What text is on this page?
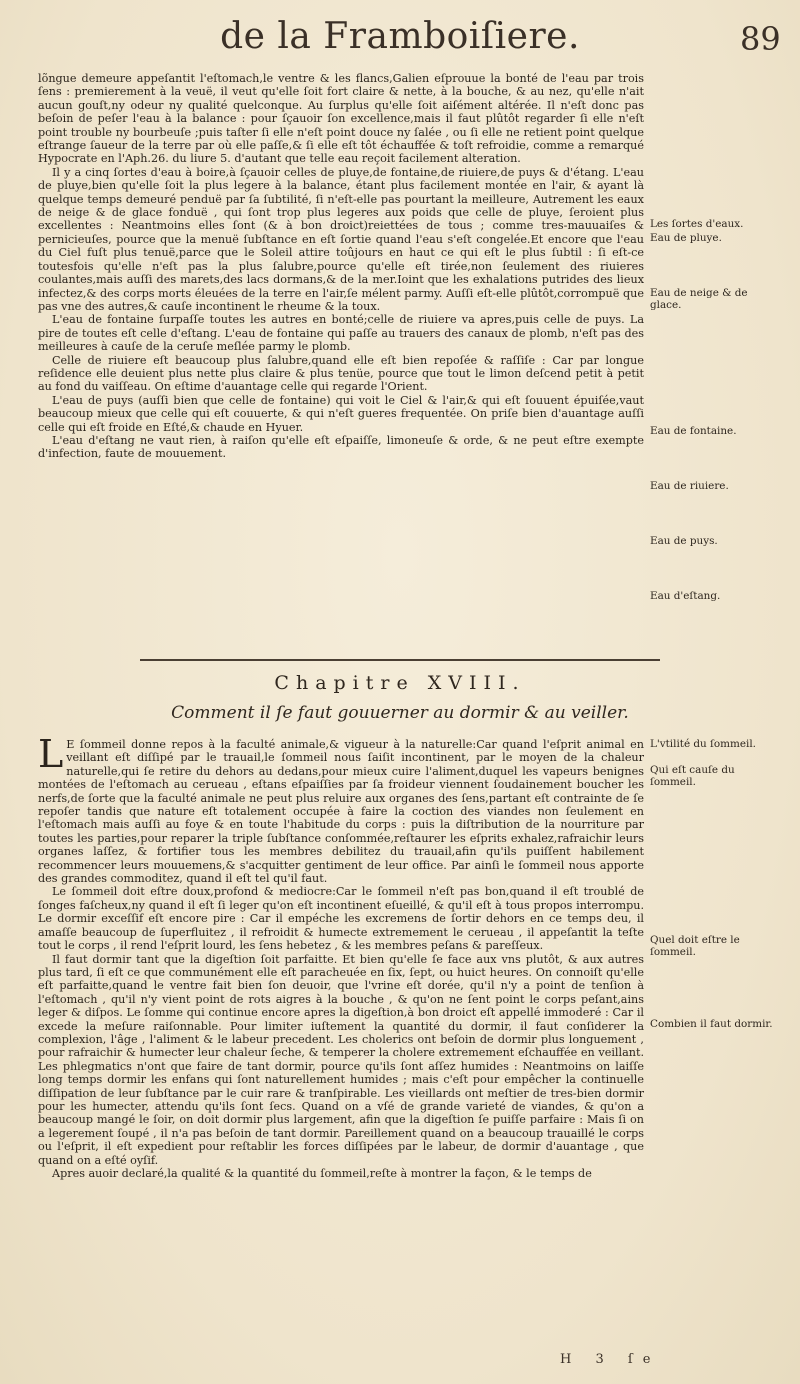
de la Framboiſiere.	89

lõngue demeure appeſantit l'eſtomach,le ventre & les flancs,Galien eſprouue la bonté de l'eau par trois ſens : premierement à la veuë, il veut qu'elle ſoit fort claire & nette, à la bouche, & au nez, qu'elle n'ait aucun gouſt,ny odeur ny qualité quelconque. Au ſurplus qu'elle ſoit aiſément altérée. Il n'eſt donc pas beſoin de peſer l'eau à la balance : pour ſçauoir ſon excellence,mais il faut plûtôt regarder ſi elle n'eſt point trouble ny bourbeuſe ;puis taſter ſi elle n'eſt point douce ny ſalée , ou ſi elle ne retient point quelque eſtrange ſaueur de la terre par où elle paſſe,& ſi elle eſt tôt échauffée & toſt refroidie, comme a remarqué Hypocrate en l'Aph.26. du liure 5. d'autant que telle eau reçoit facilement alteration.

Il y a cinq ſortes d'eau à boire,à ſçauoir celles de pluye,de fontaine,de riuiere,de puys & d'étang. L'eau de pluye,bien qu'elle ſoit la plus legere à la balance, étant plus facilement montée en l'air, & ayant là quelque temps demeuré penduë par ſa ſubtilité, ſi n'eſt-elle pas pourtant la meilleure, Autrement les eaux de neige & de glace fonduë , qui ſont trop plus legeres aux poids que celle de pluye, ſeroient plus excellentes : Neantmoins elles ſont (& à bon droict)reiettées de tous ; comme tres-mauuaiſes & pernicieuſes, pource que la menuë ſubſtance en eſt ſortie quand l'eau s'eſt congelée.Et encore que l'eau du Ciel fuſt plus tenuë,parce que le Soleil attire toûjours en haut ce qui eſt le plus ſubtil : ſi eſt-ce toutesfois qu'elle n'eſt pas la plus ſalubre,pource qu'elle eſt tirée,non ſeulement des riuieres coulantes,mais auſſi des marets,des lacs dormans,& de la mer.Ioint que les exhalations putrides des lieux infectez,& des corps morts éleuées de la terre en l'air,ſe mélent parmy. Auſſi eſt-elle plûtôt,corrompuë que pas vne des autres,& cauſe incontinent le rheume & la toux.

L'eau de fontaine ſurpaſſe toutes les autres en bonté;celle de riuiere va apres,puis celle de puys. La pire de toutes eſt celle d'eſtang. L'eau de fontaine qui paſſe au trauers des canaux de plomb, n'eſt pas des meilleures à cauſe de la ceruſe meſlée parmy le plomb.

Celle de riuiere eſt beaucoup plus ſalubre,quand elle eſt bien repoſée & raſſiſe : Car par longue reſidence elle deuient plus nette plus claire & plus tenüe, pource que tout le limon deſcend petit à petit au fond du vaiſſeau. On eſtime d'auantage celle qui regarde l'Orient.

L'eau de puys (auſſi bien que celle de fontaine) qui voit le Ciel & l'air,& qui eſt ſouuent épuiſée,vaut beaucoup mieux que celle qui eſt couuerte, & qui n'eſt gueres frequentée. On priſe bien d'auantage auſſi celle qui eſt froide en Eſté,& chaude en Hyuer.

L'eau d'eſtang ne vaut rien, à raiſon qu'elle eſt eſpaiſſe, limoneuſe & orde, & ne peut eſtre exempte d'infection, faute de mouuement.

Les ſortes d'eaux.
Eau de pluye.
Eau de neige & de glace.
Eau de fontaine.
Eau de riuiere.
Eau de puys.
Eau d'eſtang.
L'vtilité du ſommeil.
Qui eſt cauſe du ſommeil.
Quel doit eſtre le ſommeil.
Combien il faut dormir.
Chapitre XVIII.
Comment il ſe faut gouuerner au dormir & au veiller.

L E ſommeil donne repos à la faculté animale,& vigueur à la naturelle:Car quand l'eſprit animal en veillant eſt diſſipé par le trauail,le ſommeil nous ſaiſit incontinent, par le moyen de la chaleur naturelle,qui ſe retire du dehors au dedans,pour mieux cuire l'aliment,duquel les vapeurs benignes montées de l'eſtomach au cerueau , eſtans eſpaiſſies par ſa froideur viennent ſoudainement boucher les nerfs,de ſorte que la faculté animale ne peut plus reluire aux organes des ſens,partant eſt contrainte de ſe repoſer tandis que nature eſt totalement occupée à faire la coction des viandes non ſeulement en l'eſtomach mais auſſi au foye & en toute l'habitude du corps : puis la diſtribution de la nourriture par toutes les parties,pour reparer la triple ſubſtance conſommée,reſtaurer les eſprits exhalez,rafraichir leurs organes laſſez, & fortifier tous les membres debilitez du trauail,afin qu'ils puiſſent habilement recommencer leurs mouuemens,& s'acquitter gentiment de leur office. Par ainſi le ſommeil nous apporte des grandes commoditez, quand il eſt tel qu'il faut.

Le ſommeil doit eſtre doux,profond & mediocre:Car le ſommeil n'eſt pas bon,quand il eſt troublé de ſonges faſcheux,ny quand il eſt ſi leger qu'on eſt incontinent eſueillé, & qu'il eſt à tous propos interrompu. Le dormir exceſſif eſt encore pire : Car il empéche les excremens de ſortir dehors en ce temps deu, il amaſſe beaucoup de ſuperfluitez , il refroidit & humecte extremement le cerueau , il appeſantit la teſte tout le corps , il rend l'eſprit lourd, les ſens hebetez , & les membres peſans & pareſſeux.

Il faut dormir tant que la digeſtion ſoit parfaitte. Et bien qu'elle ſe face aux vns plutôt, & aux autres plus tard, ſi eſt ce que communément elle eſt paracheuée en ſix, ſept, ou huict heures. On connoiſt qu'elle eſt parfaitte,quand le ventre fait bien ſon deuoir, que l'vrine eſt dorée, qu'il n'y a point de tenſion à l'eſtomach , qu'il n'y vient point de rots aigres à la bouche , & qu'on ne ſent point le corps peſant,ains leger & diſpos. Le ſomme qui continue encore apres la digeſtion,à bon droict eſt appellé immoderé : Car il excede la meſure raiſonnable. Pour limiter iuſtement la quantité du dormir, il faut conſiderer la complexion, l'âge , l'aliment & le labeur precedent. Les cholerics ont beſoin de dormir plus longuement , pour rafraichir & humecter leur chaleur ſeche, & temperer la cholere extremement eſchauffée en veillant. Les phlegmatics n'ont que faire de tant dormir, pource qu'ils ſont aſſez humides : Neantmoins on laiſſe long temps dormir les enfans qui ſont naturellement humides ; mais c'eſt pour empêcher la continuelle diſſipation de leur ſubſtance par le cuir rare & tranſpirable. Les vieillards ont meſtier de tres-bien dormir pour les humecter, attendu qu'ils ſont ſecs. Quand on a vſé de grande varieté de viandes, & qu'on a beaucoup mangé le ſoir, on doit dormir plus largement, afin que la digeſtion ſe puiſſe parfaire : Mais ſi on a legerement ſoupé , il n'a pas beſoin de tant dormir. Pareillement quand on a beaucoup trauaillé le corps ou l'eſprit, il eſt expedient pour reſtablir les forces diſſipées par le labeur, de dormir d'auantage , que quand on a eſté oyſif.

Apres auoir declaré,la qualité & la quantité du ſommeil,reſte à montrer la façon, & le temps de

H 3 ſe
